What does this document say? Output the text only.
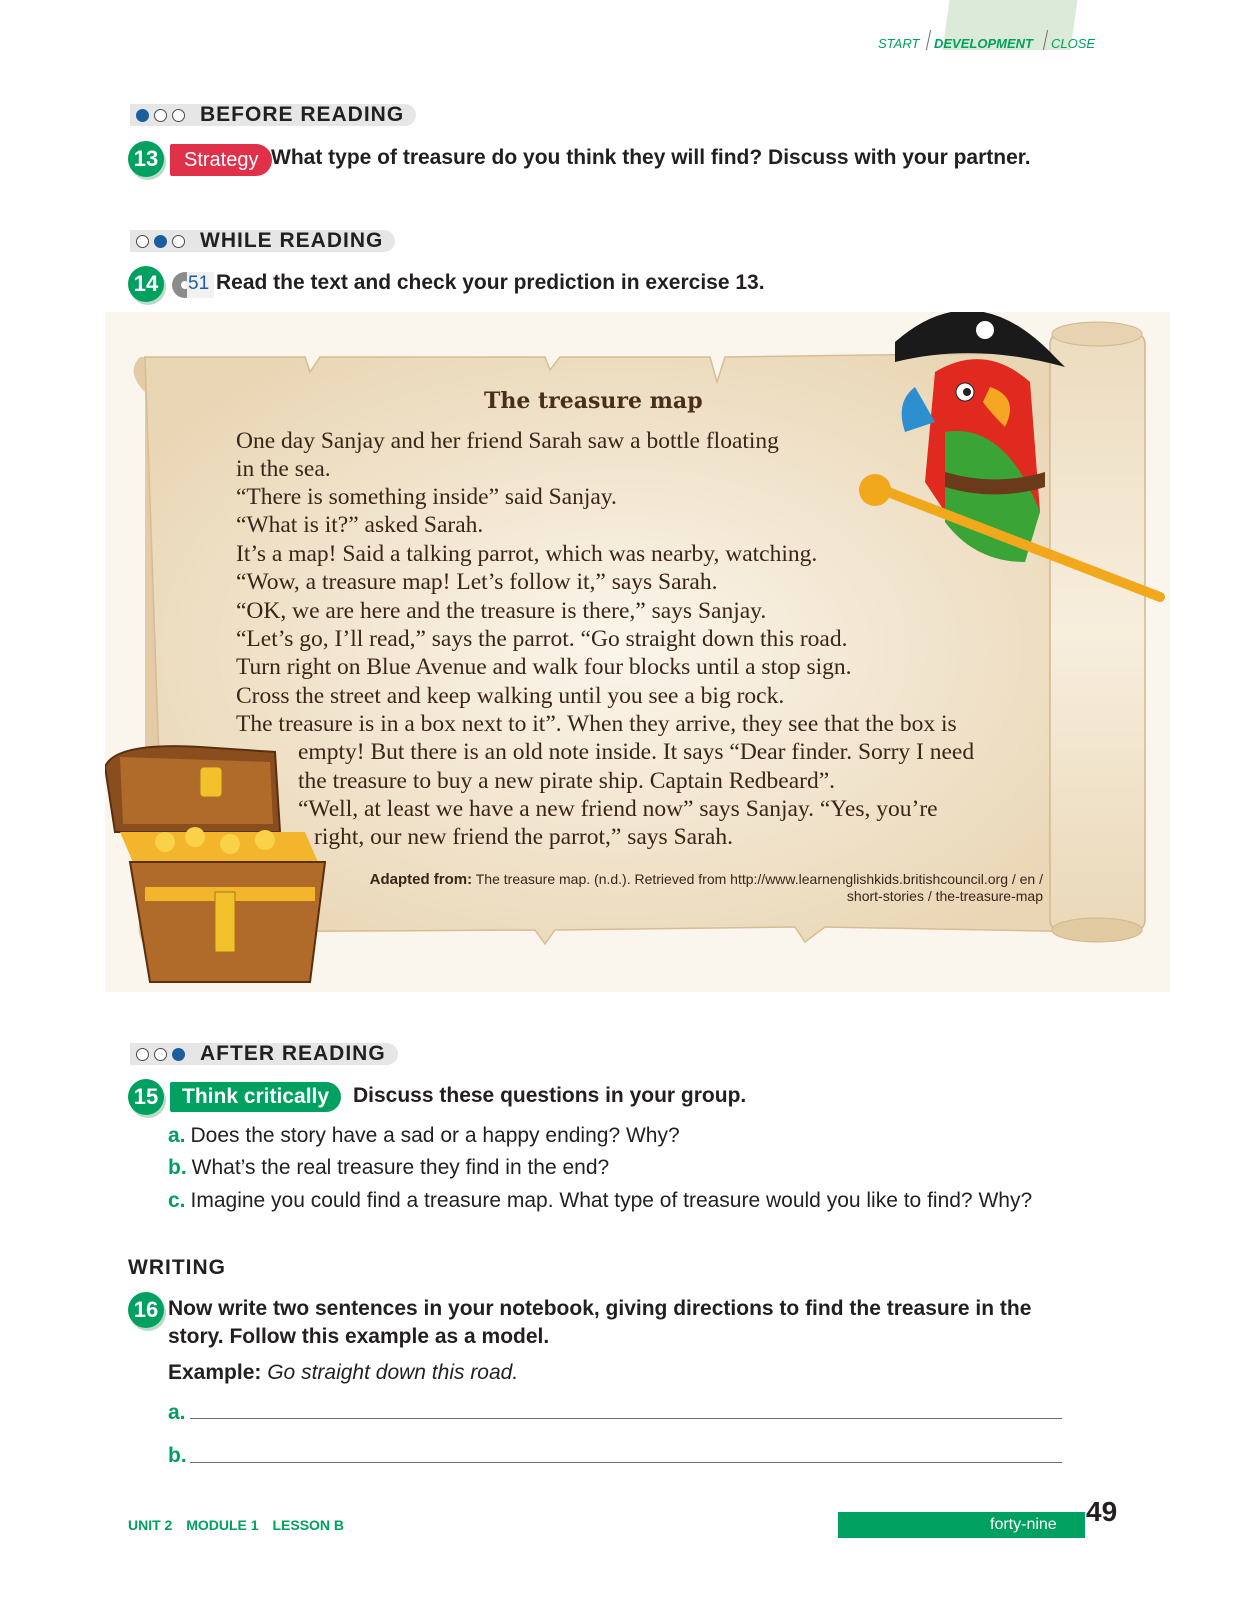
START DEVELOPMENT CLOSE
BEFORE READING
13	Strategy What type of treasure do you think they will find? Discuss with your partner.
WHILE READING
14	51 Read the text and check your prediction in exercise 13.
The treasure map
One day Sanjay and her friend Sarah saw a bottle floating
in the sea.
“There is something inside” said Sanjay.
“What is it?” asked Sarah.
It’s a map! Said a talking parrot, which was nearby, watching.
“Wow, a treasure map! Let’s follow it,” says Sarah.
“OK, we are here and the treasure is there,” says Sanjay.
“Let’s go, I’ll read,” says the parrot. “Go straight down this road.
Turn right on Blue Avenue and walk four blocks until a stop sign.
Cross the street and keep walking until you see a big rock.
The treasure is in a box next to it”. When they arrive, they see that the box is
empty! But there is an old note inside. It says “Dear finder. Sorry I need
the treasure to buy a new pirate ship. Captain Redbeard”.
“Well, at least we have a new friend now” says Sanjay. “Yes, you’re
right, our new friend the parrot,” says Sarah.
Adapted from: The treasure map. (n.d.). Retrieved from http://www.learnenglishkids.britishcouncil.org / en /
short-stories / the-treasure-map
AFTER READING
15	Think critically	Discuss these questions in your group.
a. Does the story have a sad or a happy ending? Why?
b. What’s the real treasure they find in the end?
c. Imagine you could find a treasure map. What type of treasure would you like to find? Why?
WRITING
16 Now write two sentences in your notebook, giving directions to find the treasure in the
story. Follow this example as a model.
Example: Go straight down this road.
a.
b.
UNIT 2 MODULE 1 LESSON B	forty-nine 49
